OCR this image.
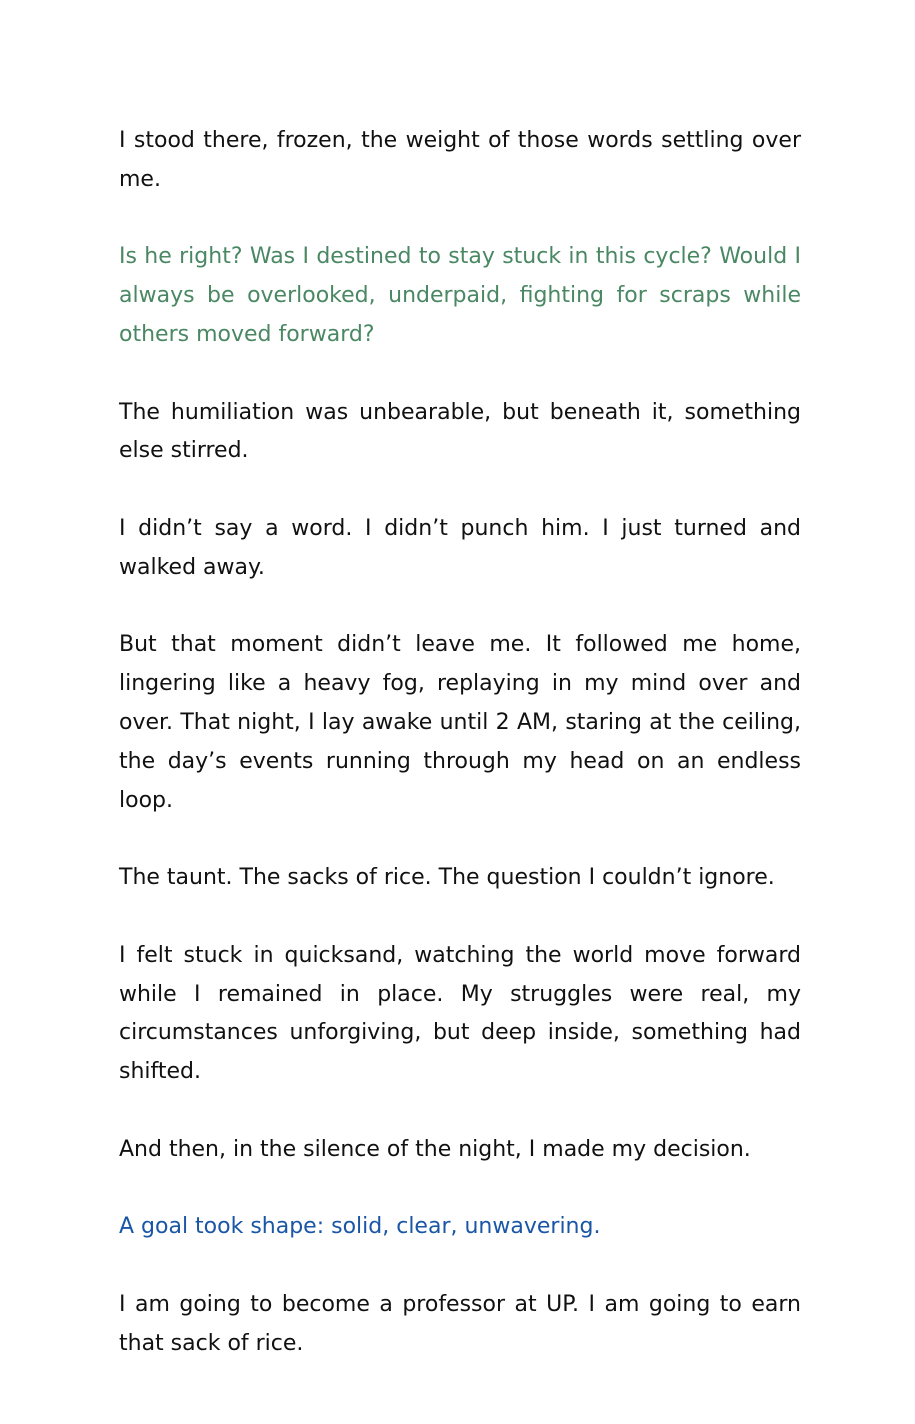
I stood there, frozen, the weight of those words settling over me.

Is he right? Was I destined to stay stuck in this cycle? Would I always be overlooked, underpaid, fighting for scraps while others moved forward?

The humiliation was unbearable, but beneath it, something else stirred.

I didn’t say a word. I didn’t punch him. I just turned and walked away.

But that moment didn’t leave me. It followed me home, lingering like a heavy fog, replaying in my mind over and over. That night, I lay awake until 2 AM, staring at the ceiling, the day’s events running through my head on an endless loop.

The taunt. The sacks of rice. The question I couldn’t ignore.

I felt stuck in quicksand, watching the world move forward while I remained in place. My struggles were real, my circumstances unforgiving, but deep inside, something had shifted.

And then, in the silence of the night, I made my decision.

A goal took shape: solid, clear, unwavering.

I am going to become a professor at UP. I am going to earn that sack of rice.
